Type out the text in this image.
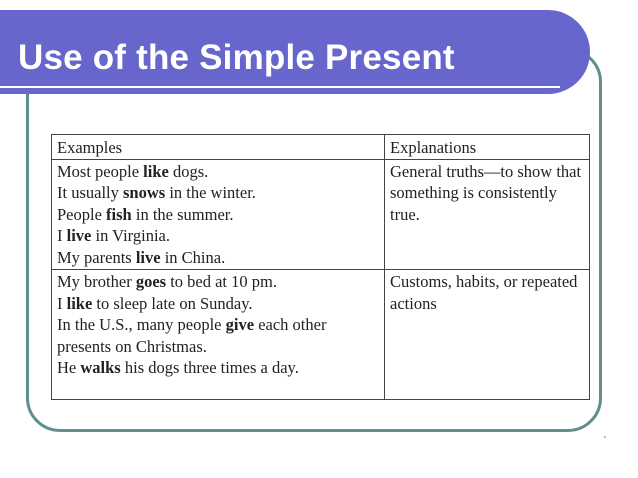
Use of the Simple Present
Examples	Explanations

Most people like dogs.
It usually snows in the winter.
People fish in the summer.
I live in Virginia.
My parents live in China.	General truths—to show that something is consistently true.

My brother goes to bed at 10 pm.
I like to sleep late on Sunday.
In the U.S., many people give each other presents on Christmas.
He walks his dogs three times a day.	Customs, habits, or repeated actions
